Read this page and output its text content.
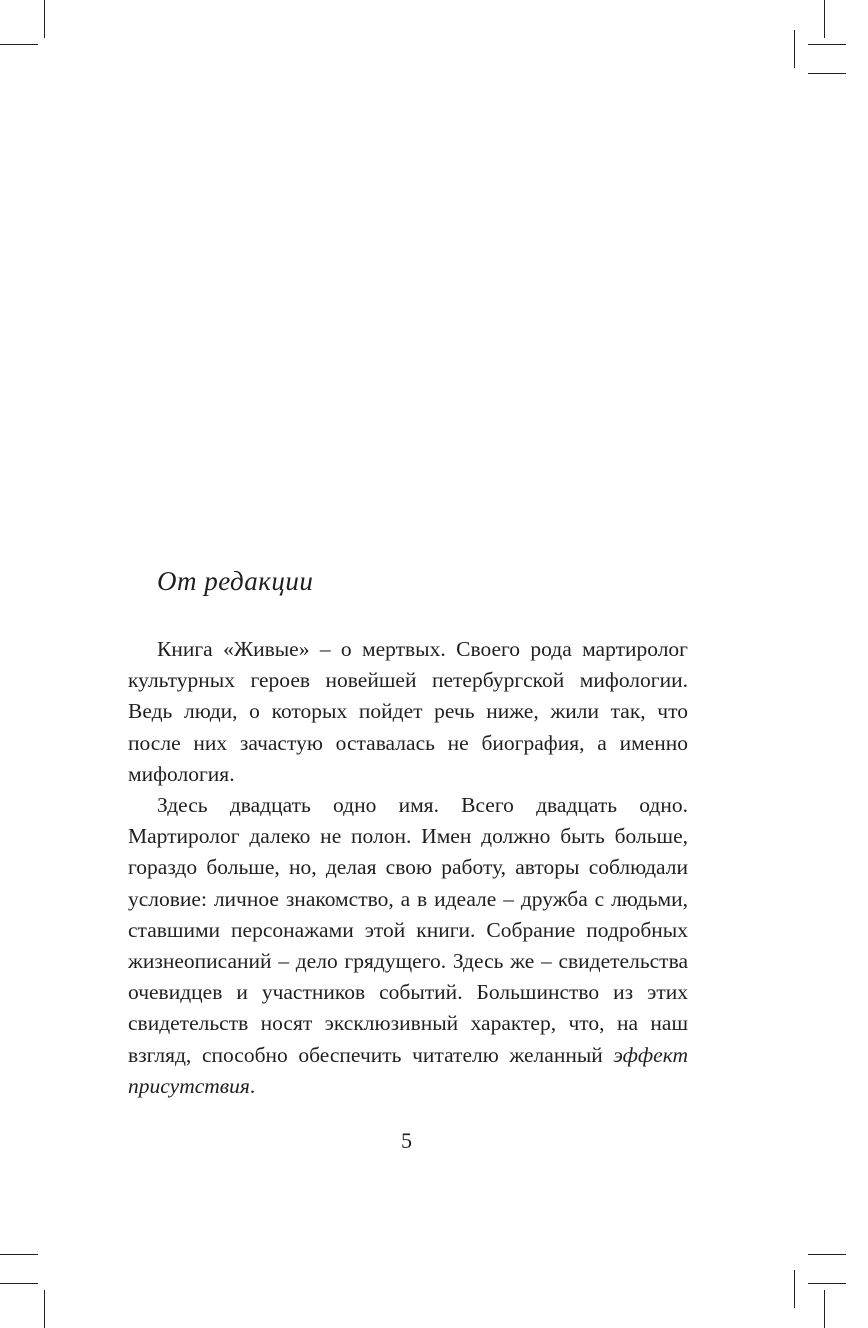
От редакции

Книга «Живые» – о мертвых. Своего рода мартиролог культурных героев новейшей петербургской мифологии. Ведь люди, о которых пойдет речь ниже, жили так, что после них зачастую оставалась не биография, а именно мифология.

Здесь двадцать одно имя. Всего двадцать одно. Мартиролог далеко не полон. Имен должно быть больше, гораздо больше, но, делая свою работу, авторы соблюдали условие: личное знакомство, а в идеале – дружба с людьми, ставшими персонажами этой книги. Собрание подробных жизнеописаний – дело грядущего. Здесь же – свидетельства очевидцев и участников событий. Большинство из этих свидетельств носят эксклюзивный характер, что, на наш взгляд, способно обеспечить читателю желанный эффект присутствия.

5
